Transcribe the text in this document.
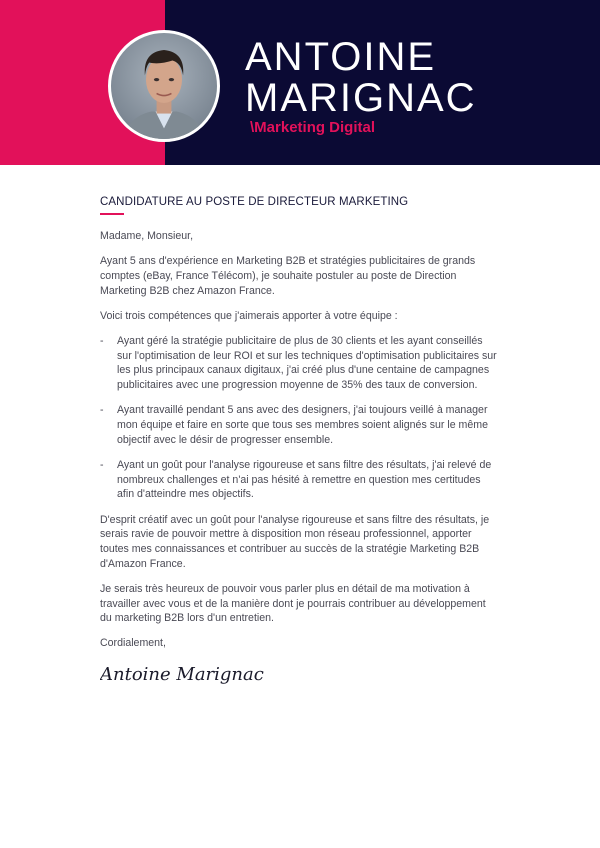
ANTOINE
MARIGNAC
\Marketing Digital
CANDIDATURE AU POSTE DE DIRECTEUR MARKETING

Madame, Monsieur,

Ayant 5 ans d'expérience en Marketing B2B et stratégies publicitaires de grands
comptes (eBay, France Télécom), je souhaite postuler au poste de Direction
Marketing B2B chez Amazon France.

Voici trois compétences que j'aimerais apporter à votre équipe :

- Ayant géré la stratégie publicitaire de plus de 30 clients et les ayant conseillés
sur l'optimisation de leur ROI et sur les techniques d'optimisation publicitaires sur
les plus principaux canaux digitaux, j'ai créé plus d'une centaine de campagnes
publicitaires avec une progression moyenne de 35% des taux de conversion.
- Ayant travaillé pendant 5 ans avec des designers, j'ai toujours veillé à manager
mon équipe et faire en sorte que tous ses membres soient alignés sur le même
objectif avec le désir de progresser ensemble.
- Ayant un goût pour l'analyse rigoureuse et sans filtre des résultats, j'ai relevé de
nombreux challenges et n'ai pas hésité à remettre en question mes certitudes
afin d'atteindre mes objectifs.

D'esprit créatif avec un goût pour l'analyse rigoureuse et sans filtre des résultats, je
serais ravie de pouvoir mettre à disposition mon réseau professionnel, apporter
toutes mes connaissances et contribuer au succès de la stratégie Marketing B2B
d'Amazon France.

Je serais très heureux de pouvoir vous parler plus en détail de ma motivation à
travailler avec vous et de la manière dont je pourrais contribuer au développement
du marketing B2B lors d'un entretien.

Cordialement,

Antoine Marignac
